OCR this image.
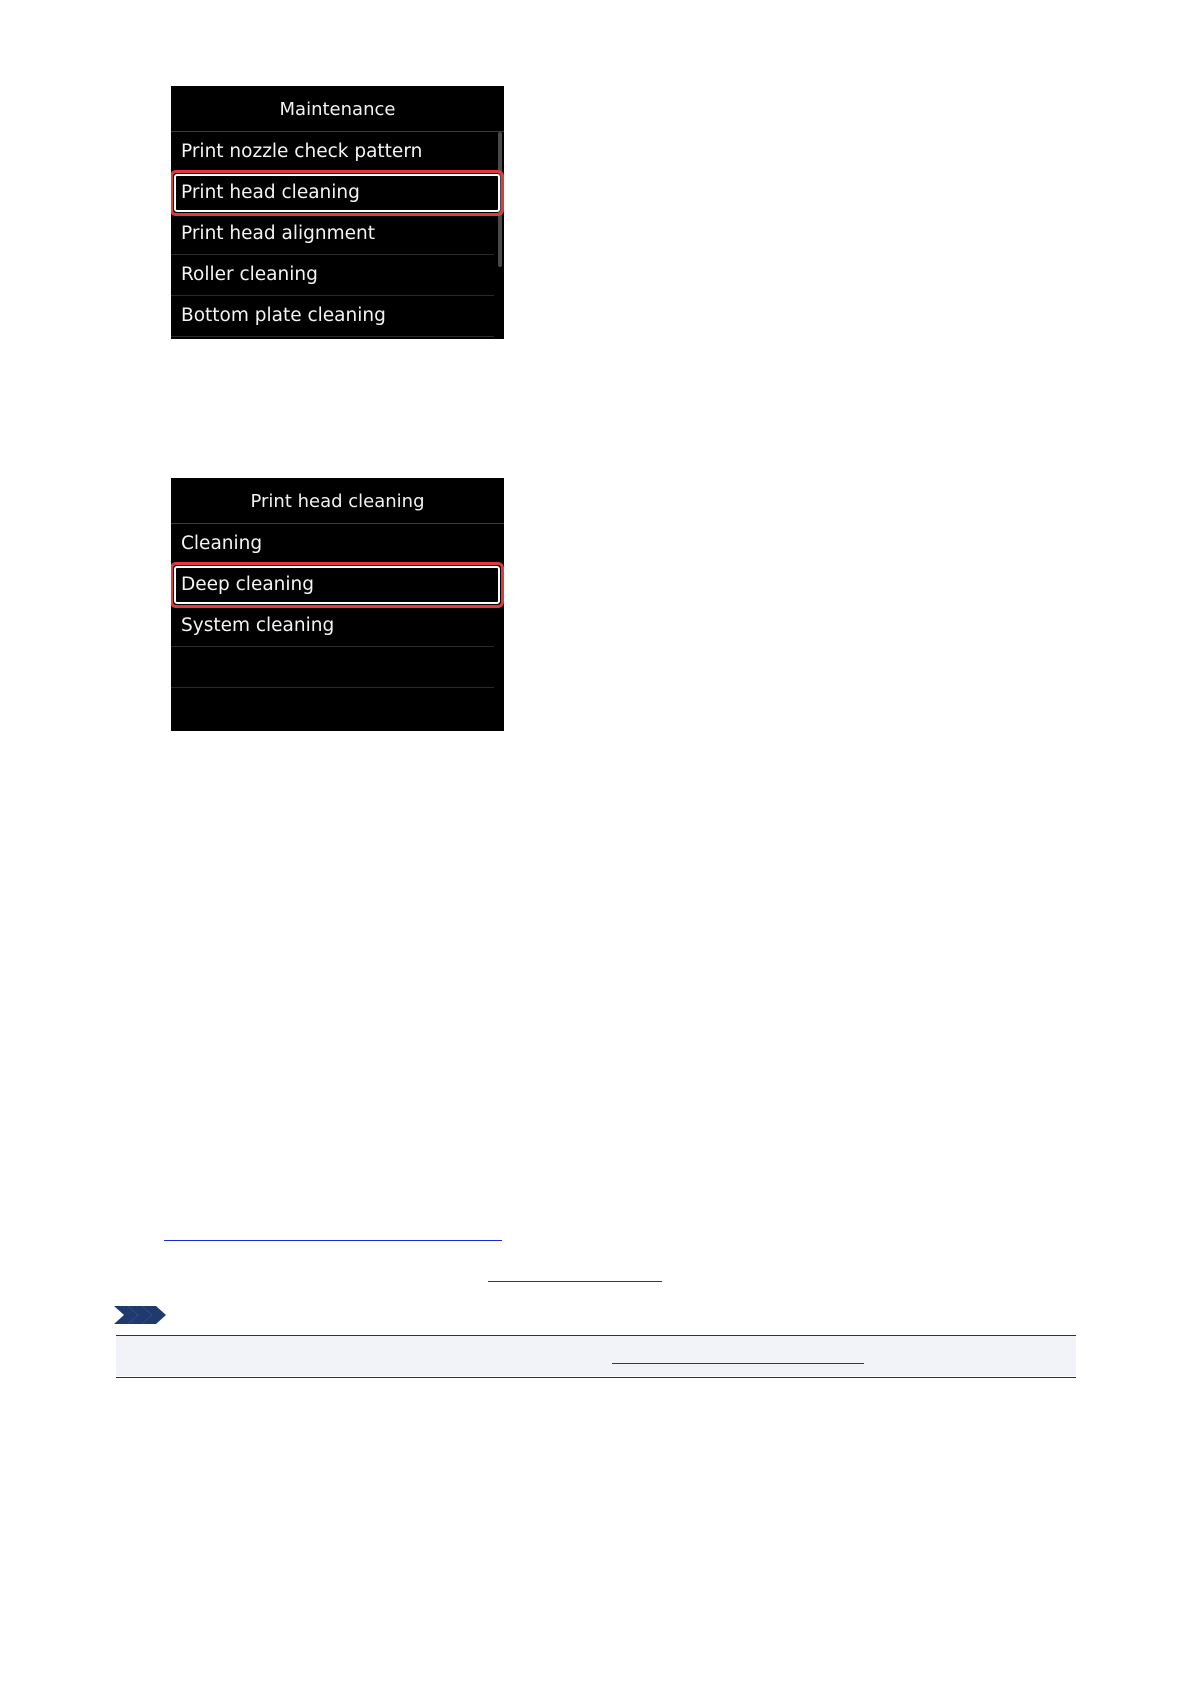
Maintenance
Print nozzle check pattern
Print head cleaning
Print head alignment
Roller cleaning
Bottom plate cleaning
Print head cleaning
Cleaning
Deep cleaning
System cleaning
